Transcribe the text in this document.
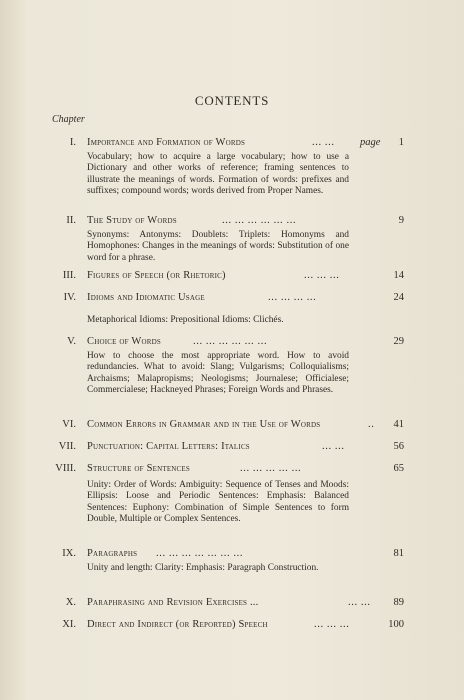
CONTENTS
Chapter
I. Importance and Formation of Words	... ... page 1
Vocabulary; how to acquire a large vocabulary; how to use a Dictionary and other works of reference; framing sentences to illustrate the meanings of words. Formation of words: prefixes and suffixes; compound words; words derived from Proper Names.
II. The Study of Words	... ... ... ... ... ...	9
Synonyms: Antonyms: Doublets: Triplets: Homonyms and Homophones: Changes in the meanings of words: Substitution of one word for a phrase.
III. Figures of Speech (or Rhetoric)	... ... ...	14
IV. Idioms and Idiomatic Usage	... ... ... ...	24
Metaphorical Idioms: Prepositional Idioms: Clichés.
V. Choice of Words	... ... ... ... ... ...	29
How to choose the most appropriate word. How to avoid redundancies. What to avoid: Slang; Vulgarisms; Colloquialisms; Archaisms; Malapropisms; Neologisms; Journalese; Officialese; Commercialese; Hackneyed Phrases; Foreign Words and Phrases.
VI. Common Errors in Grammar and in the Use of Words	.. 41
VII. Punctuation: Capital Letters: Italics	... ...	56
VIII. Structure of Sentences	... ... ... ... ...	65
Unity: Order of Words: Ambiguity: Sequence of Tenses and Moods: Ellipsis: Loose and Periodic Sentences: Emphasis: Balanced Sentences: Euphony: Combination of Simple Sentences to form Double, Multiple or Complex Sentences.
IX. Paragraphs ... ... ... ... ... ... ...	81
Unity and length: Clarity: Emphasis: Paragraph Construction.
X. Paraphrasing and Revision Exercises ...	... ... 89
XI. Direct and Indirect (or Reported) Speech	... ... ...	100
